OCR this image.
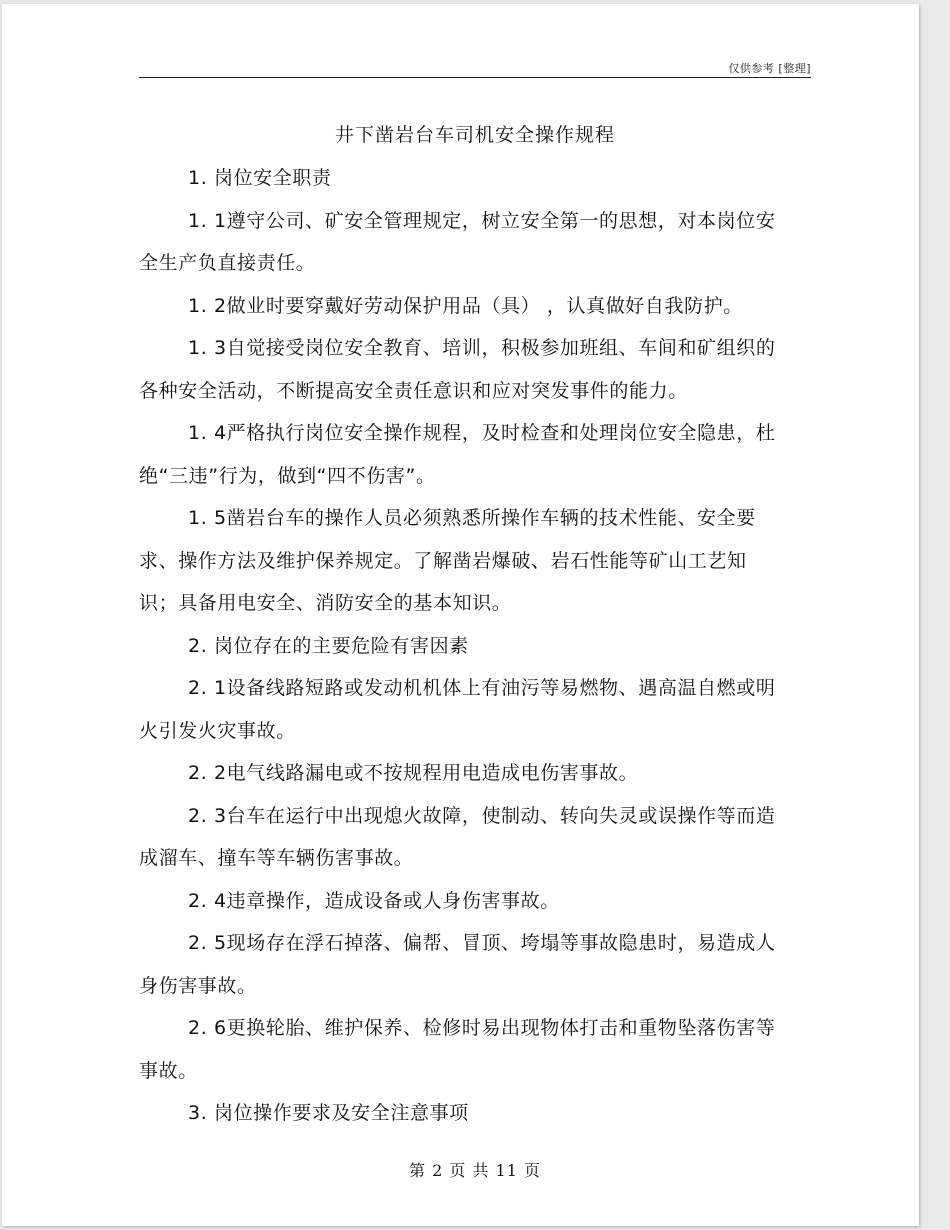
仅供参考 [整理]
井下凿岩台车司机安全操作规程

1. 岗位安全职责

1. 1遵守公司、矿安全管理规定，树立安全第一的思想，对本岗位安全生产负直接责任。

1. 2做业时要穿戴好劳动保护用品（具） ，认真做好自我防护。

1. 3自觉接受岗位安全教育、培训，积极参加班组、车间和矿组织的各种安全活动，不断提高安全责任意识和应对突发事件的能力。

1. 4严格执行岗位安全操作规程，及时检查和处理岗位安全隐患，杜绝“三违”行为，做到“四不伤害”。

1. 5凿岩台车的操作人员必须熟悉所操作车辆的技术性能、安全要求、操作方法及维护保养规定。了解凿岩爆破、岩石性能等矿山工艺知识；具备用电安全、消防安全的基本知识。

2. 岗位存在的主要危险有害因素

2. 1设备线路短路或发动机机体上有油污等易燃物、遇高温自燃或明火引发火灾事故。

2. 2电气线路漏电或不按规程用电造成电伤害事故。

2. 3台车在运行中出现熄火故障，使制动、转向失灵或误操作等而造成溜车、撞车等车辆伤害事故。

2. 4违章操作，造成设备或人身伤害事故。

2. 5现场存在浮石掉落、偏帮、冒顶、垮塌等事故隐患时，易造成人身伤害事故。

2. 6更换轮胎、维护保养、检修时易出现物体打击和重物坠落伤害等事故。

3. 岗位操作要求及安全注意事项

第 2 页 共 11 页
